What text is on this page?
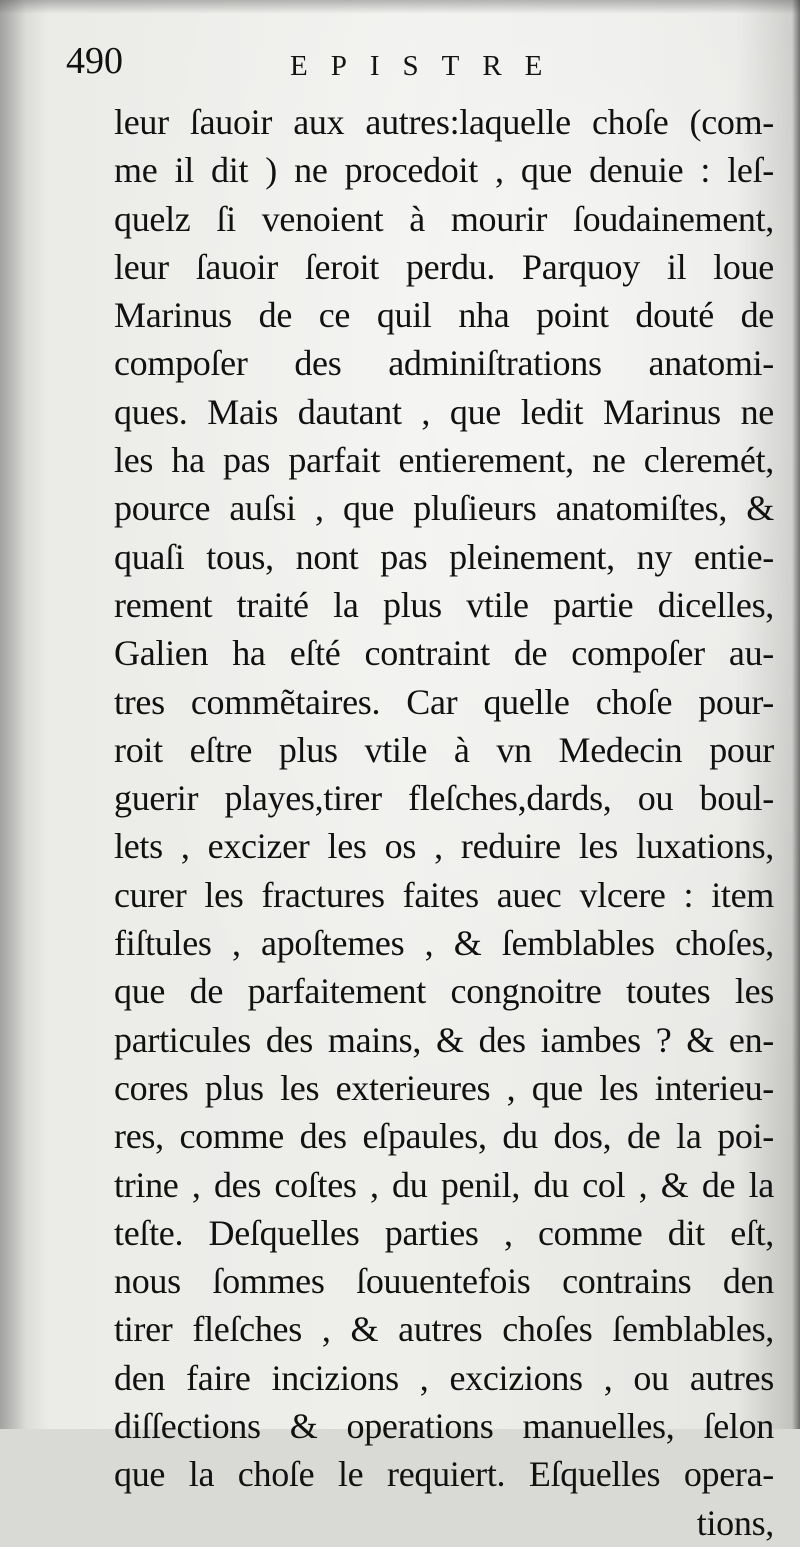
490	EPISTRE
leur ſauoir aux autres:laquelle choſe (com-
me il dit ) ne procedoit , que denuie : leſ-
quelz ſi venoient à mourir ſoudainement,
leur ſauoir ſeroit perdu. Parquoy il loue
Marinus de ce quil nha point douté de
compoſer des adminiſtrations anatomi-
ques. Mais dautant , que ledit Marinus ne
les ha pas parfait entierement, ne cleremét,
pource auſsi , que pluſieurs anatomiſtes, &
quaſi tous, nont pas pleinement, ny entie-
rement traité la plus vtile partie dicelles,
Galien ha eſté contraint de compoſer au-
tres commẽtaires. Car quelle choſe pour-
roit eſtre plus vtile à vn Medecin pour
guerir playes,tirer fleſches,dards, ou boul-
lets , excizer les os , reduire les luxations,
curer les fractures faites auec vlcere : item
fiſtules , apoſtemes , & ſemblables choſes,
que de parfaitement congnoitre toutes les
particules des mains, & des iambes ? & en-
cores plus les exterieures , que les interieu-
res, comme des eſpaules, du dos, de la poi-
trine , des coſtes , du penil, du col , & de la
teſte. Deſquelles parties , comme dit eſt,
nous ſommes ſouuentefois contrains den
tirer fleſches , & autres choſes ſemblables,
den faire incizions , excizions , ou autres
diſſections & operations manuelles, ſelon
que la choſe le requiert. Eſquelles opera-
tions,
